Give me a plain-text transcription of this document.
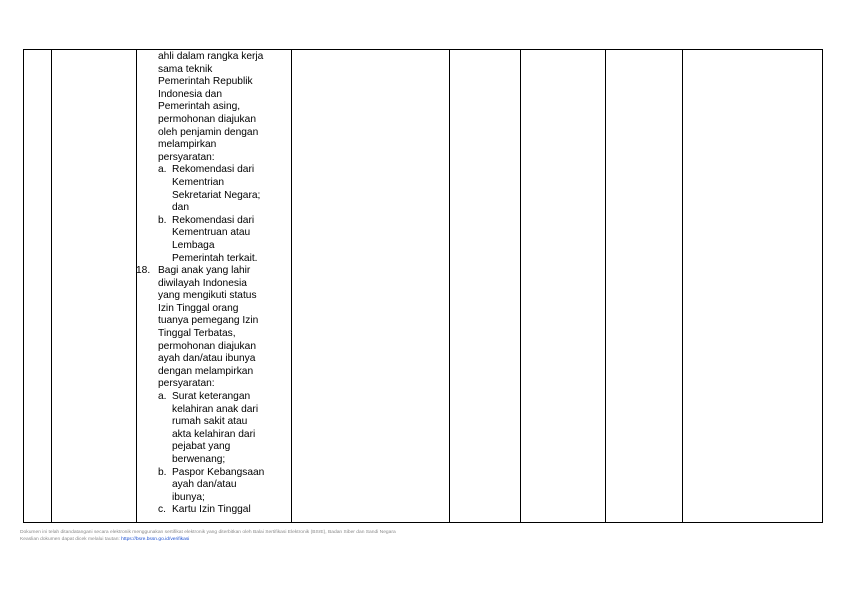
ahli dalam rangka kerja
sama teknik
Pemerintah Republik
Indonesia dan
Pemerintah asing,
permohonan diajukan
oleh penjamin dengan
melampirkan
persyaratan:
a. Rekomendasi dari
Kementrian
Sekretariat Negara;
dan
b. Rekomendasi dari
Kementruan atau
Lembaga
Pemerintah terkait.
18. Bagi anak yang lahir
diwilayah Indonesia
yang mengikuti status
Izin Tinggal orang
tuanya pemegang Izin
Tinggal Terbatas,
permohonan diajukan
ayah dan/atau ibunya
dengan melampirkan
persyaratan:
a. Surat keterangan
kelahiran anak dari
rumah sakit atau
akta kelahiran dari
pejabat yang
berwenang;
b. Paspor Kebangsaan
ayah dan/atau
ibunya;
c. Kartu Izin Tinggal
Dokumen ini telah ditandatangani secara elektronik menggunakan sertifikat elektronik yang diterbitkan oleh Balai Sertifikasi Elektronik (BSrE), Badan Siber dan Sandi Negara
Keaslian dokumen dapat dicek melalui tautan: https://bsre.bssn.go.id/verifikasi
